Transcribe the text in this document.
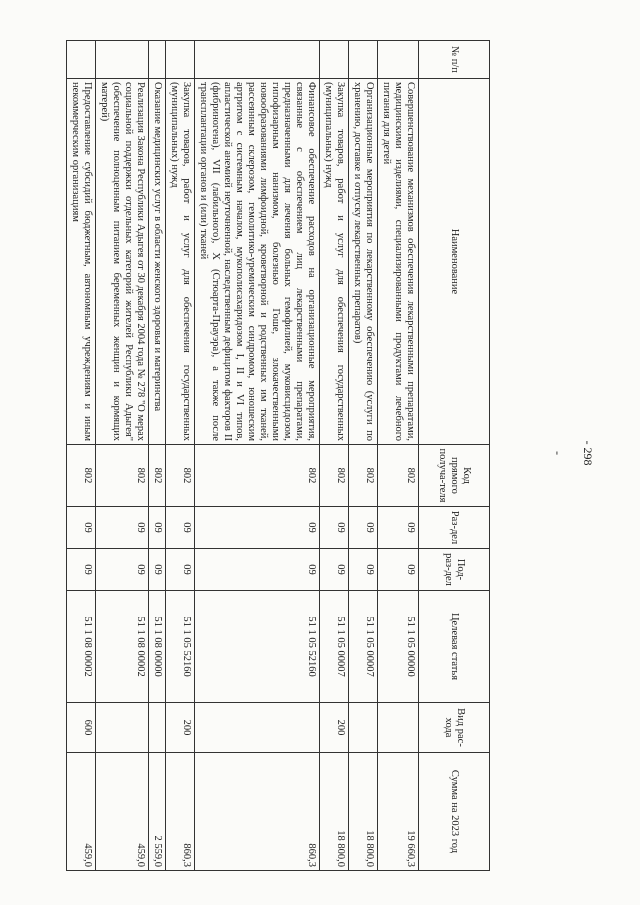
- 298 -
№ п/п	Наименование	Код прямого получа-теля	Раз-дел	Под-раз-дел	Целевая статья	Вид рас-хода	Сумма на 2023 год
	Совершенствование механизмов обеспечения лекарственными препаратами, медицинскими изделиями, специализированными продуктами лечебного питания для детей	802	09	09	51 1 05 00000		19 660,3
	Организационные мероприятия по лекарственному обеспечению (услуги по хранению, доставке и отпуску лекарственных препаратов)	802	09	09	51 1 05 00007		18 800,0
	Закупка товаров, работ и услуг для обеспечения государственных (муниципальных) нужд	802	09	09	51 1 05 00007	200	18 800,0
	Финансовое обеспечение расходов на организационные мероприятия, связанные с обеспечением лиц лекарственными препаратами, предназначенными для лечения больных гемофилией, муковисцидозом, гипофизарным нанизмом, болезнью Гоше, злокачественными новообразованиями лимфоидной, кроветворной и родственных им тканей, рассеянным склерозом, гемолитико-уремическим синдромом, юношеским артритом с системным началом, мукополисахаридозом I, II и VI типов, апластической анемией неуточненной, наследственным дефицитом факторов II (фибриногена), VII (лабильного), X (Стюарта-Прауэра), а также после трансплантации органов и (или) тканей	802	09	09	51 1 05 52160		860,3
	Закупка товаров, работ и услуг для обеспечения государственных (муниципальных) нужд	802	09	09	51 1 05 52160	200	860,3
	Оказание медицинских услуг в области женского здоровья и материнства	802	09	09	51 1 08 00000		2 559,0
	Реализация Закона Республики Адыгея от 30 декабря 2004 года № 278 "О мерах социальной поддержки отдельных категорий жителей Республики Адыгея" (обеспечение полноценным питанием беременных женщин и кормящих матерей)	802	09	09	51 1 08 00002		459,0
	Предоставление субсидий бюджетным, автономным учреждениям и иным некоммерческим организациям	802	09	09	51 1 08 00002	600	459,0
